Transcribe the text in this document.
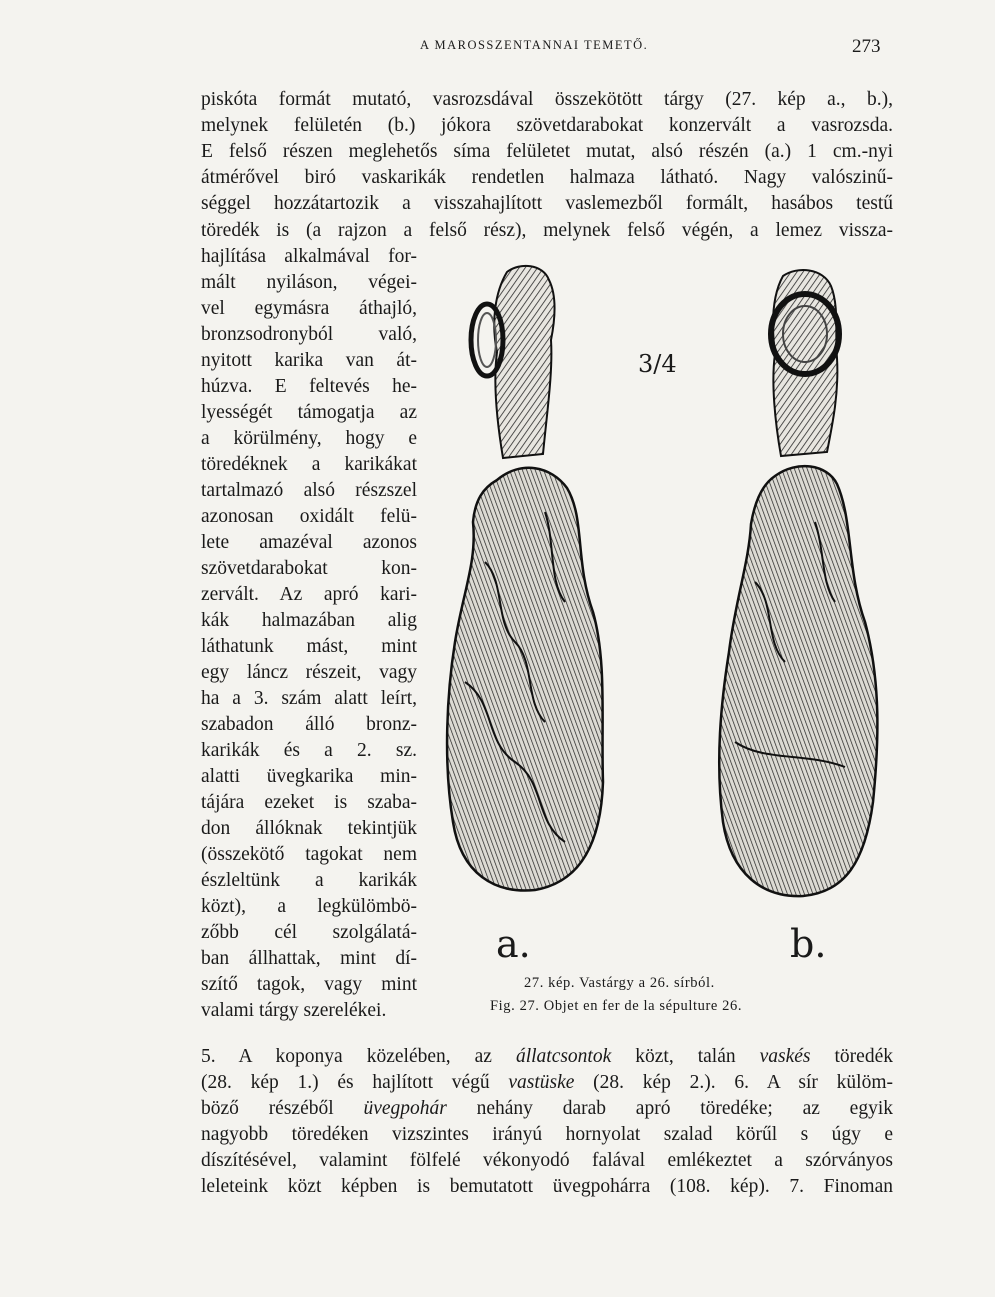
A MAROSSZENTANNAI TEMETŐ.	273
piskóta formát mutató, vasrozsdával összekötött tárgy (27. kép a., b.),
melynek felületén (b.) jókora szövetdarabokat konzervált a vasrozsda.
E felső részen meglehetős síma felületet mutat, alsó részén (a.) 1 cm.-nyi
átmérővel biró vaskarikák rendetlen halmaza látható. Nagy valószinű-
séggel hozzátartozik a visszahajlított vaslemezből formált, hasábos testű
töredék is (a rajzon a felső rész), melynek felső végén, a lemez vissza-
hajlítása alkalmával for-
mált nyiláson, végei-
vel egymásra áthajló,
bronzsodronyból való,
nyitott karika van át-
húzva. E feltevés he-
lyességét támogatja az
a körülmény, hogy e
töredéknek a karikákat
tartalmazó alsó részszel
azonosan oxidált felü-
lete amazéval azonos
szövetdarabokat kon-
zervált. Az apró kari-
kák halmazában alig
láthatunk mást, mint
egy láncz részeit, vagy
ha a 3. szám alatt leírt,
szabadon álló bronz-
karikák és a 2. sz.
alatti üvegkarika min-
tájára ezeket is szaba-
don állóknak tekintjük
(összekötő tagokat nem
észleltünk a karikák
közt), a legkülömbö-
zőbb cél szolgálatá-
ban állhattak, mint dí-
szítő tagok, vagy mint
valami tárgy szerelékei.
3/4
a.	b.
27. kép. Vastárgy a 26. sírból.
Fig. 27. Objet en fer de la sépulture 26.
5. A koponya közelében, az állatcsontok közt, talán vaskés töredék
(28. kép 1.) és hajlított végű vastüske (28. kép 2.). 6. A sír külöm-
böző részéből üvegpohár nehány darab apró töredéke; az egyik
nagyobb töredéken vizszintes irányú hornyolat szalad körűl s úgy e
díszítésével, valamint fölfelé vékonyodó falával emlékeztet a szórványos
leleteink közt képben is bemutatott üvegpohárra (108. kép). 7. Finoman
